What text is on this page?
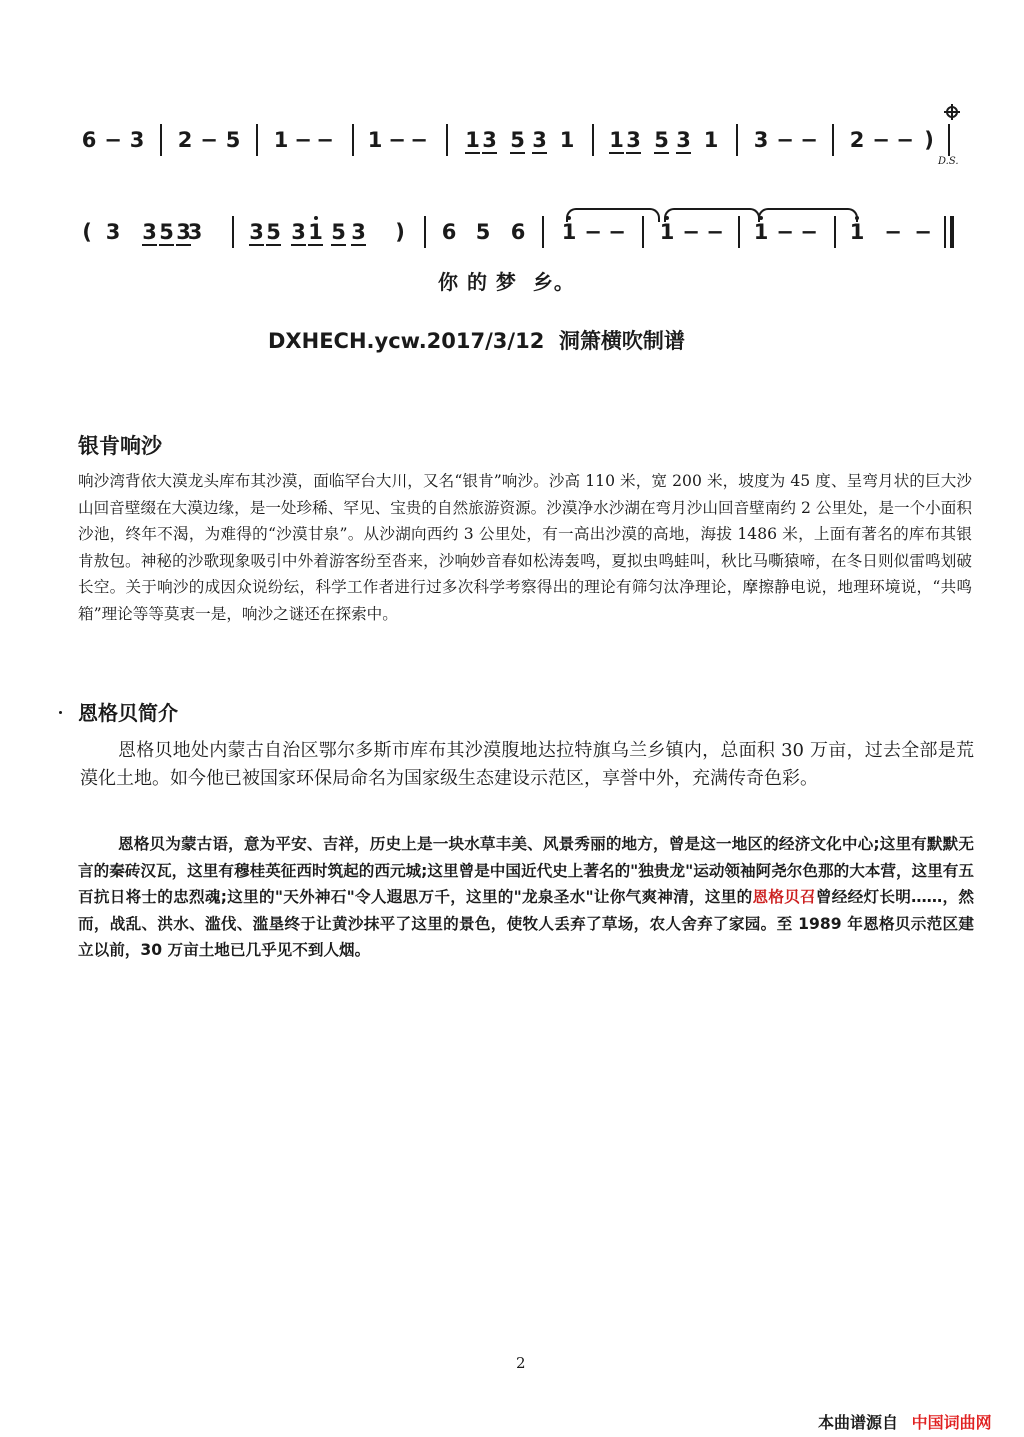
6 − 3 2 − 5 1 − − 1 − − 1 3 5 3 1 1 3 5 3 1 3 − − 2 − − )
D.S.
( 3 3 5 3
3 3 5 3 1 5 3 ) 6 5 6 1 − − 1 − − 1 − − 1 − −
你 的 梦  乡。
DXHECH.ycw.2017/3/12  洞箫横吹制谱
银肯响沙
响沙湾背依大漠龙头库布其沙漠，面临罕台大川，又名“银肯”响沙。沙高 110 米，宽 200 米，坡度为 45 度、呈弯月状的巨大沙山回音壁缀在大漠边缘，是一处珍稀、罕见、宝贵的自然旅游资源。沙漠净水沙湖在弯月沙山回音壁南约 2 公里处，是一个小面积沙池，终年不渴，为难得的“沙漠甘泉”。从沙湖向西约 3 公里处，有一高出沙漠的高地，海拔 1486 米，上面有著名的库布其银肯敖包。神秘的沙歌现象吸引中外着游客纷至沓来，沙响妙音春如松涛轰鸣，夏拟虫鸣蛙叫，秋比马嘶猿啼，在冬日则似雷鸣划破长空。关于响沙的成因众说纷纭，科学工作者进行过多次科学考察得出的理论有筛匀汰净理论，摩擦静电说，地理环境说，“共鸣箱”理论等等莫衷一是，响沙之谜还在探索中。
恩格贝简介
恩格贝地处内蒙古自治区鄂尔多斯市库布其沙漠腹地达拉特旗乌兰乡镇内，总面积 30 万亩，过去全部是荒漠化土地。如今他已被国家环保局命名为国家级生态建设示范区，享誉中外，充满传奇色彩。
恩格贝为蒙古语，意为平安、吉祥，历史上是一块水草丰美、风景秀丽的地方，曾是这一地区的经济文化中心;这里有默默无言的秦砖汉瓦，这里有穆桂英征西时筑起的西元城;这里曾是中国近代史上著名的"独贵龙"运动领袖阿尧尔色那的大本营，这里有五百抗日将士的忠烈魂;这里的"天外神石"令人遐思万千，这里的"龙泉圣水"让你气爽神清，这里的恩格贝召曾经经灯长明……，然而，战乱、洪水、滥伐、滥垦终于让黄沙抹平了这里的景色，使牧人丢弃了草场，农人舍弃了家园。至 1989 年恩格贝示范区建立以前，30 万亩土地已几乎见不到人烟。
2
本曲谱源自 中国词曲网
